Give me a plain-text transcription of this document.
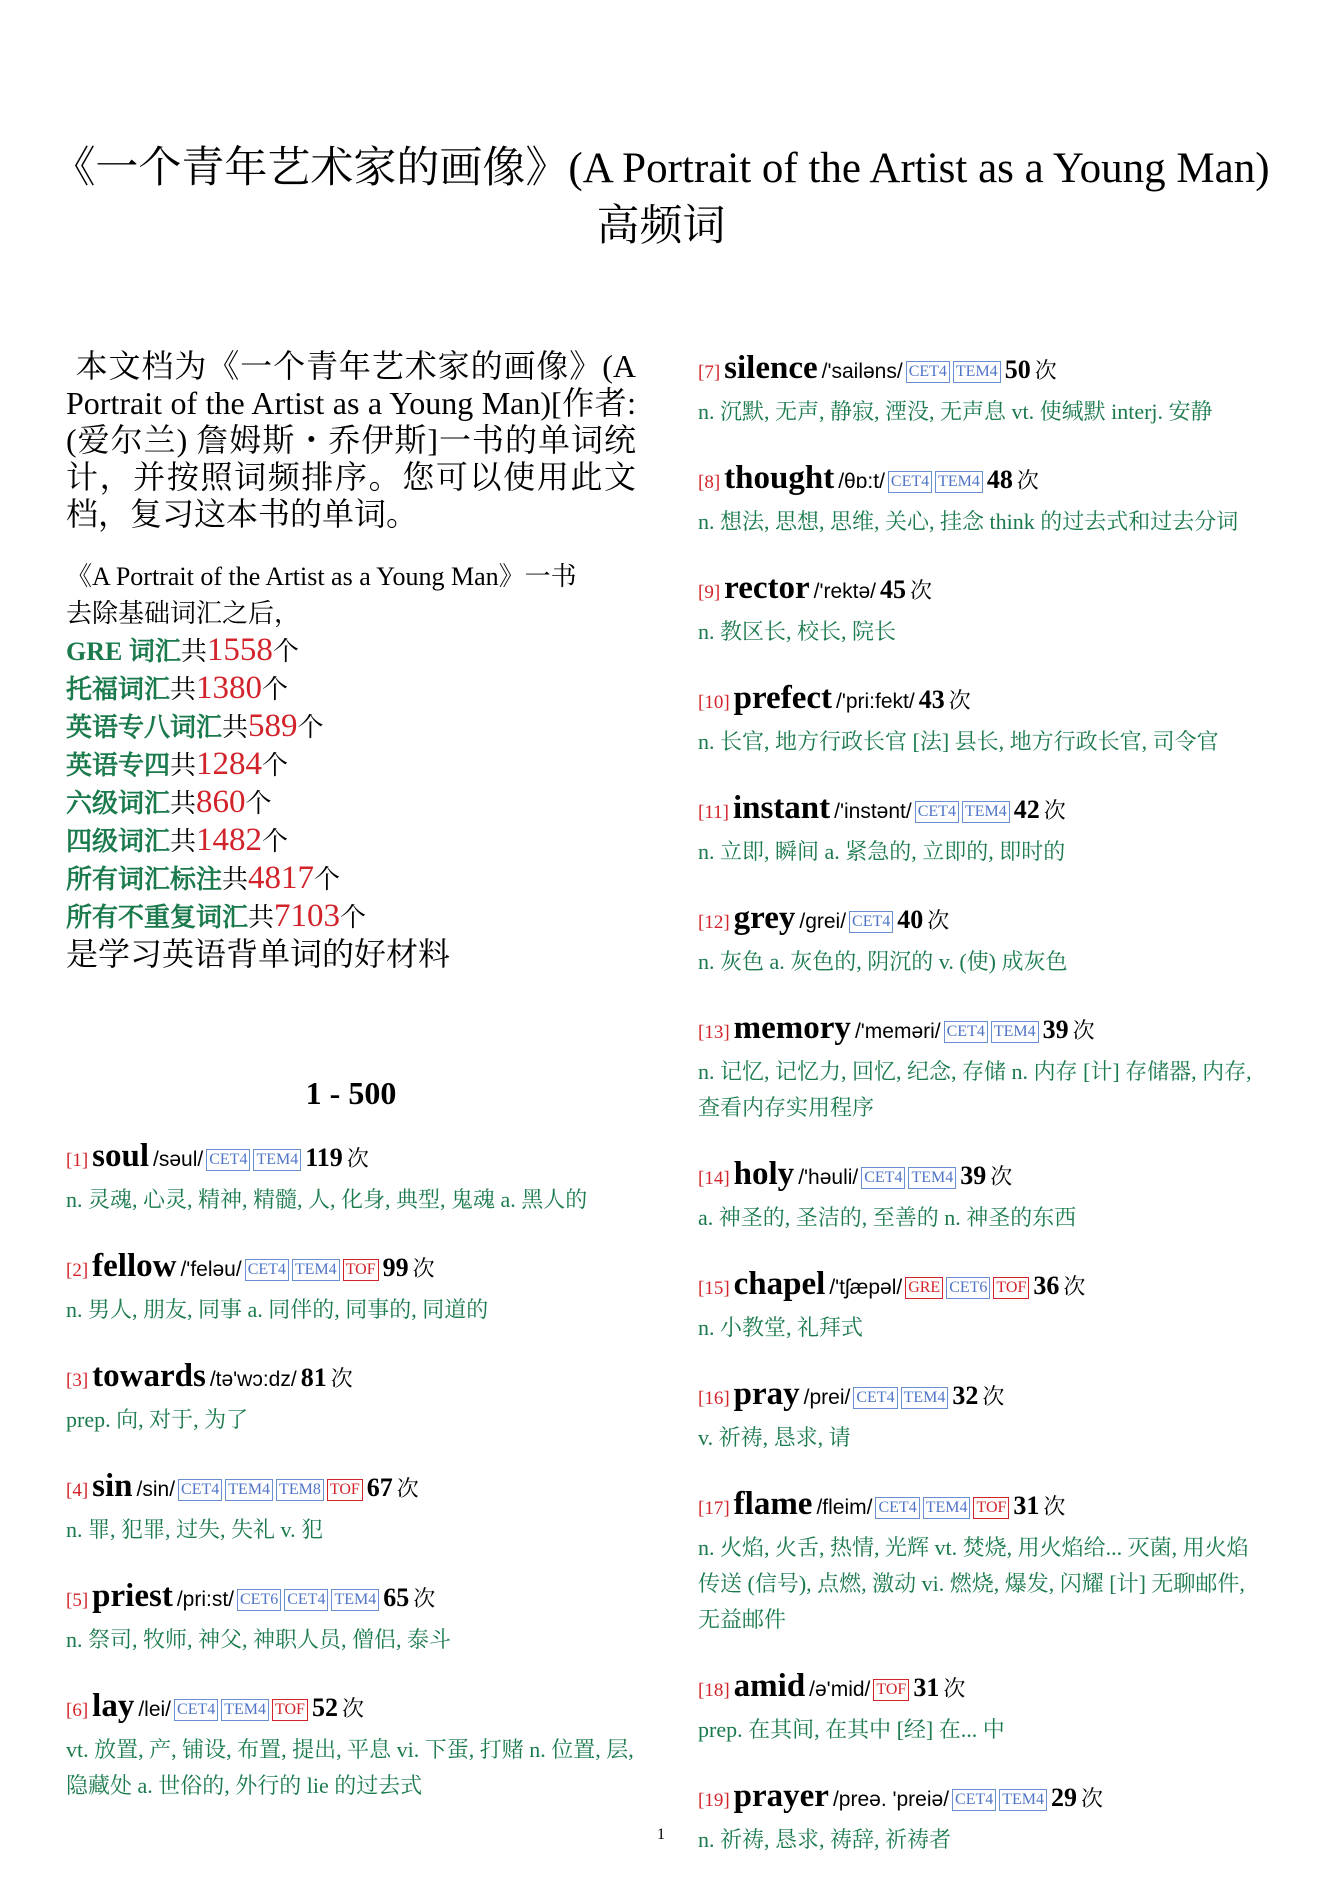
《一个青年艺术家的画像》(A Portrait of the Artist as a Young Man)
高频词

本文档为《一个青年艺术家的画像》(A Portrait of the Artist as a Young Man)[作者: (爱尔兰) 詹姆斯・乔伊斯]一书的单词统计，并按照词频排序。您可以使用此文档，复习这本书的单词。

《A Portrait of the Artist as a Young Man》一书
去除基础词汇之后，
GRE 词汇共1558个
托福词汇共1380个
英语专八词汇共589个
英语专四共1284个
六级词汇共860个
四级词汇共1482个
所有词汇标注共4817个
所有不重复词汇共7103个
是学习英语背单词的好材料
1 - 500
[1] soul /səul/ CET4 TEM4 119 次
n. 灵魂, 心灵, 精神, 精髓, 人, 化身, 典型, 鬼魂 a. 黑人的
[2] fellow /'feləu/ CET4 TEM4 TOF 99 次
n. 男人, 朋友, 同事 a. 同伴的, 同事的, 同道的
[3] towards /tə'wɔ:dz/ 81 次
prep. 向, 对于, 为了
[4] sin /sin/ CET4 TEM4 TEM8 TOF 67 次
n. 罪, 犯罪, 过失, 失礼 v. 犯
[5] priest /pri:st/ CET6 CET4 TEM4 65 次
n. 祭司, 牧师, 神父, 神职人员, 僧侣, 泰斗
[6] lay /lei/ CET4 TEM4 TOF 52 次
vt. 放置, 产, 铺设, 布置, 提出, 平息 vi. 下蛋, 打赌 n. 位置, 层, 隐藏处 a. 世俗的, 外行的 lie 的过去式
[7] silence /'sailəns/ CET4 TEM4 50 次
n. 沉默, 无声, 静寂, 湮没, 无声息 vt. 使缄默 interj. 安静
[8] thought /θɒ:t/ CET4 TEM4 48 次
n. 想法, 思想, 思维, 关心, 挂念 think 的过去式和过去分词
[9] rector /'rektə/ 45 次
n. 教区长, 校长, 院长
[10] prefect /'pri:fekt/ 43 次
n. 长官, 地方行政长官 [法] 县长, 地方行政长官, 司令官
[11] instant /'instənt/ CET4 TEM4 42 次
n. 立即, 瞬间 a. 紧急的, 立即的, 即时的
[12] grey /grei/ CET4 40 次
n. 灰色 a. 灰色的, 阴沉的 v. (使) 成灰色
[13] memory /'meməri/ CET4 TEM4 39 次
n. 记忆, 记忆力, 回忆, 纪念, 存储 n. 内存 [计] 存储器, 内存, 查看内存实用程序
[14] holy /'həuli/ CET4 TEM4 39 次
a. 神圣的, 圣洁的, 至善的 n. 神圣的东西
[15] chapel /'tʃæpəl/ GRE CET6 TOF 36 次
n. 小教堂, 礼拜式
[16] pray /prei/ CET4 TEM4 32 次
v. 祈祷, 恳求, 请
[17] flame /fleim/ CET4 TEM4 TOF 31 次
n. 火焰, 火舌, 热情, 光辉 vt. 焚烧, 用火焰给... 灭菌, 用火焰传送 (信号), 点燃, 激动 vi. 燃烧, 爆发, 闪耀 [计] 无聊邮件, 无益邮件
[18] amid /ə'mid/ TOF 31 次
prep. 在其间, 在其中 [经] 在... 中
[19] prayer /preə. 'preiə/ CET4 TEM4 29 次
n. 祈祷, 恳求, 祷辞, 祈祷者
1
